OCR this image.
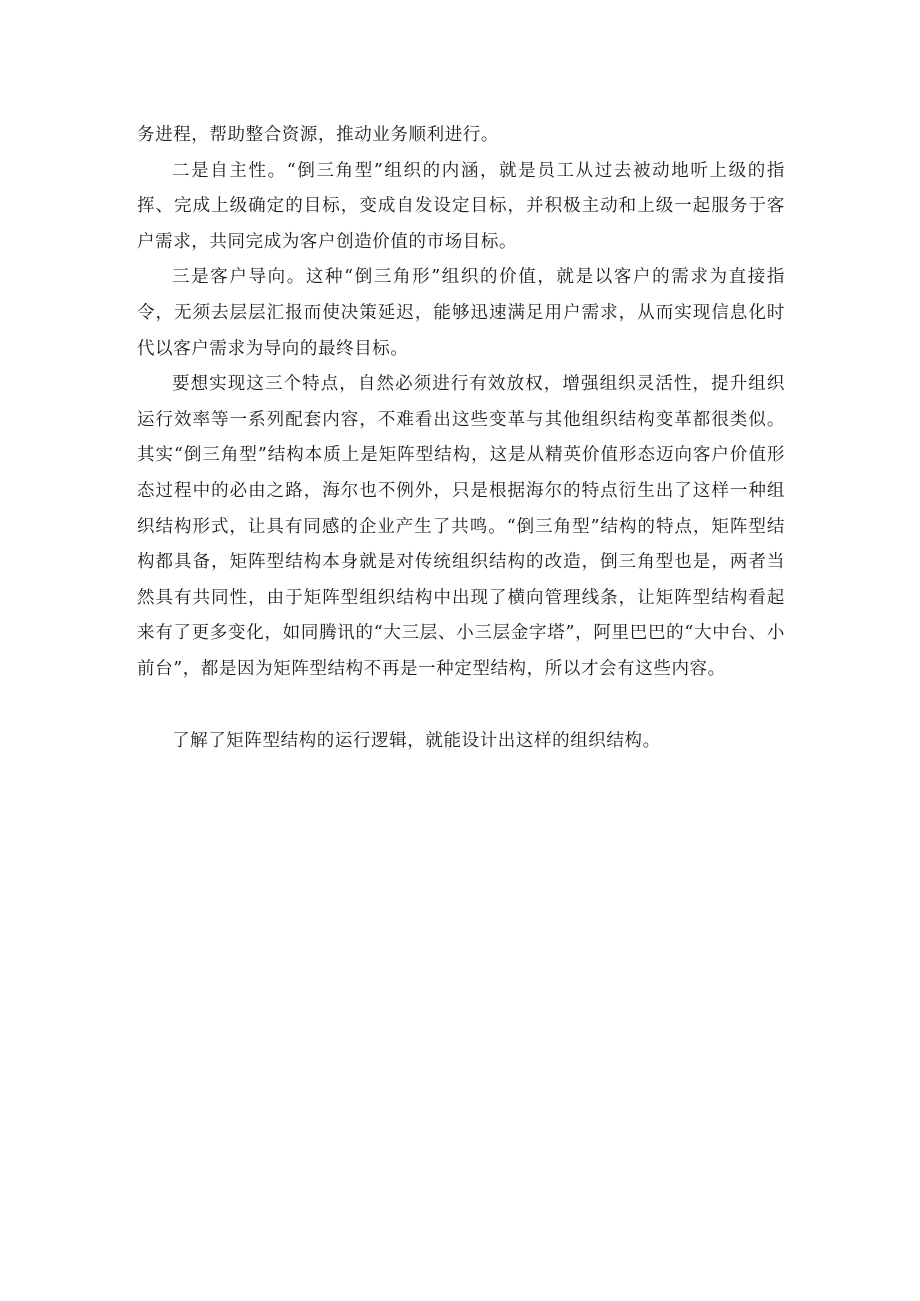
务进程，帮助整合资源，推动业务顺利进行。

二是自主性。“倒三角型”组织的内涵，就是员工从过去被动地听上级的指挥、完成上级确定的目标，变成自发设定目标，并积极主动和上级一起服务于客户需求，共同完成为客户创造价值的市场目标。

三是客户导向。这种“倒三角形”组织的价值，就是以客户的需求为直接指令，无须去层层汇报而使决策延迟，能够迅速满足用户需求，从而实现信息化时代以客户需求为导向的最终目标。

要想实现这三个特点，自然必须进行有效放权，增强组织灵活性，提升组织运行效率等一系列配套内容，不难看出这些变革与其他组织结构变革都很类似。其实“倒三角型”结构本质上是矩阵型结构，这是从精英价值形态迈向客户价值形态过程中的必由之路，海尔也不例外，只是根据海尔的特点衍生出了这样一种组织结构形式，让具有同感的企业产生了共鸣。“倒三角型”结构的特点，矩阵型结构都具备，矩阵型结构本身就是对传统组织结构的改造，倒三角型也是，两者当然具有共同性，由于矩阵型组织结构中出现了横向管理线条，让矩阵型结构看起来有了更多变化，如同腾讯的“大三层、小三层金字塔”，阿里巴巴的“大中台、小前台”，都是因为矩阵型结构不再是一种定型结构，所以才会有这些内容。

了解了矩阵型结构的运行逻辑，就能设计出这样的组织结构。
